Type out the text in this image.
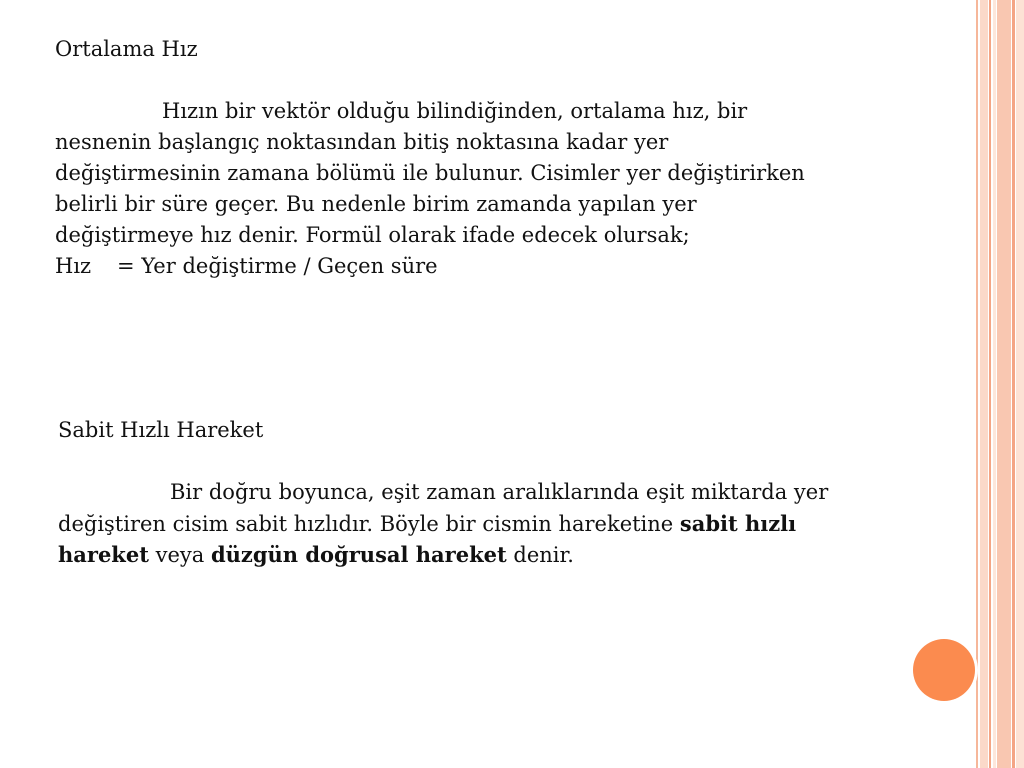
Ortalama Hız
Hızın bir vektör olduğu bilindiğinden, ortalama hız, bir
nesnenin başlangıç noktasından bitiş noktasına kadar yer
değiştirmesinin zamana bölümü ile bulunur. Cisimler yer değiştirirken
belirli bir süre geçer. Bu nedenle birim zamanda yapılan yer
değiştirmeye hız denir. Formül olarak ifade edecek olursak;
Hız = Yer değiştirme / Geçen süre
Sabit Hızlı Hareket
Bir doğru boyunca, eşit zaman aralıklarında eşit miktarda yer
değiştiren cisim sabit hızlıdır. Böyle bir cismin hareketine sabit hızlı
hareket veya düzgün doğrusal hareket denir.
